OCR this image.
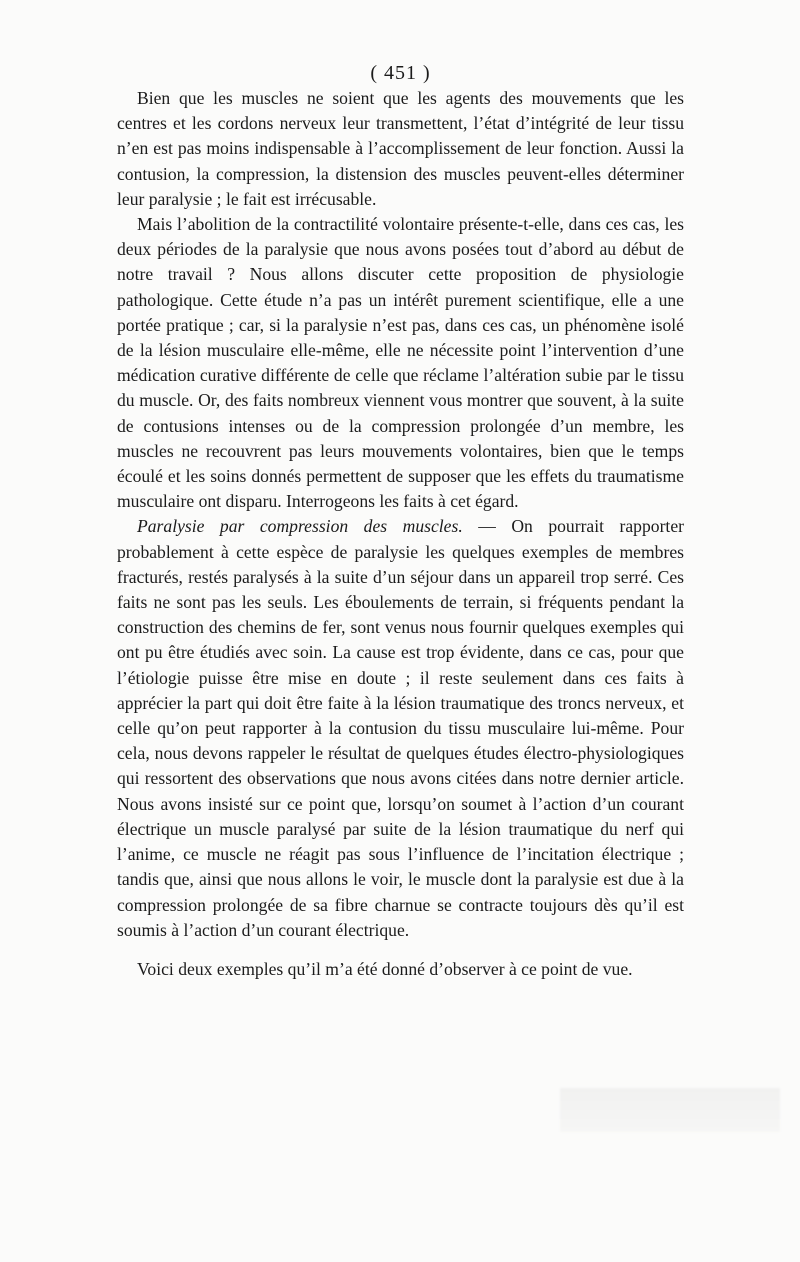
( 451 )

Bien que les muscles ne soient que les agents des mouvements que les centres et les cordons nerveux leur transmettent, l’état d’intégrité de leur tissu n’en est pas moins indispensable à l’accomplissement de leur fonction. Aussi la contusion, la compression, la distension des muscles peuvent-elles déterminer leur paralysie ; le fait est irrécusable.

Mais l’abolition de la contractilité volontaire présente-t-elle, dans ces cas, les deux périodes de la paralysie que nous avons posées tout d’abord au début de notre travail ? Nous allons discuter cette proposition de physiologie pathologique. Cette étude n’a pas un intérêt purement scientifique, elle a une portée pratique ; car, si la paralysie n’est pas, dans ces cas, un phénomène isolé de la lésion musculaire elle-même, elle ne nécessite point l’intervention d’une médication curative différente de celle que réclame l’altération subie par le tissu du muscle. Or, des faits nombreux viennent vous montrer que souvent, à la suite de contusions intenses ou de la compression prolongée d’un membre, les muscles ne recouvrent pas leurs mouvements volontaires, bien que le temps écoulé et les soins donnés permettent de supposer que les effets du traumatisme musculaire ont disparu. Interrogeons les faits à cet égard.

Paralysie par compression des muscles. — On pourrait rapporter probablement à cette espèce de paralysie les quelques exemples de membres fracturés, restés paralysés à la suite d’un séjour dans un appareil trop serré. Ces faits ne sont pas les seuls. Les éboulements de terrain, si fréquents pendant la construction des chemins de fer, sont venus nous fournir quelques exemples qui ont pu être étudiés avec soin. La cause est trop évidente, dans ce cas, pour que l’étiologie puisse être mise en doute ; il reste seulement dans ces faits à apprécier la part qui doit être faite à la lésion traumatique des troncs nerveux, et celle qu’on peut rapporter à la contusion du tissu musculaire lui-même. Pour cela, nous devons rappeler le résultat de quelques études électro-physiologiques qui ressortent des observations que nous avons citées dans notre dernier article. Nous avons insisté sur ce point que, lorsqu’on soumet à l’action d’un courant électrique un muscle paralysé par suite de la lésion traumatique du nerf qui l’anime, ce muscle ne réagit pas sous l’influence de l’incitation électrique ; tandis que, ainsi que nous allons le voir, le muscle dont la paralysie est due à la compression prolongée de sa fibre charnue se contracte toujours dès qu’il est soumis à l’action d’un courant électrique.

Voici deux exemples qu’il m’a été donné d’observer à ce point de vue.
